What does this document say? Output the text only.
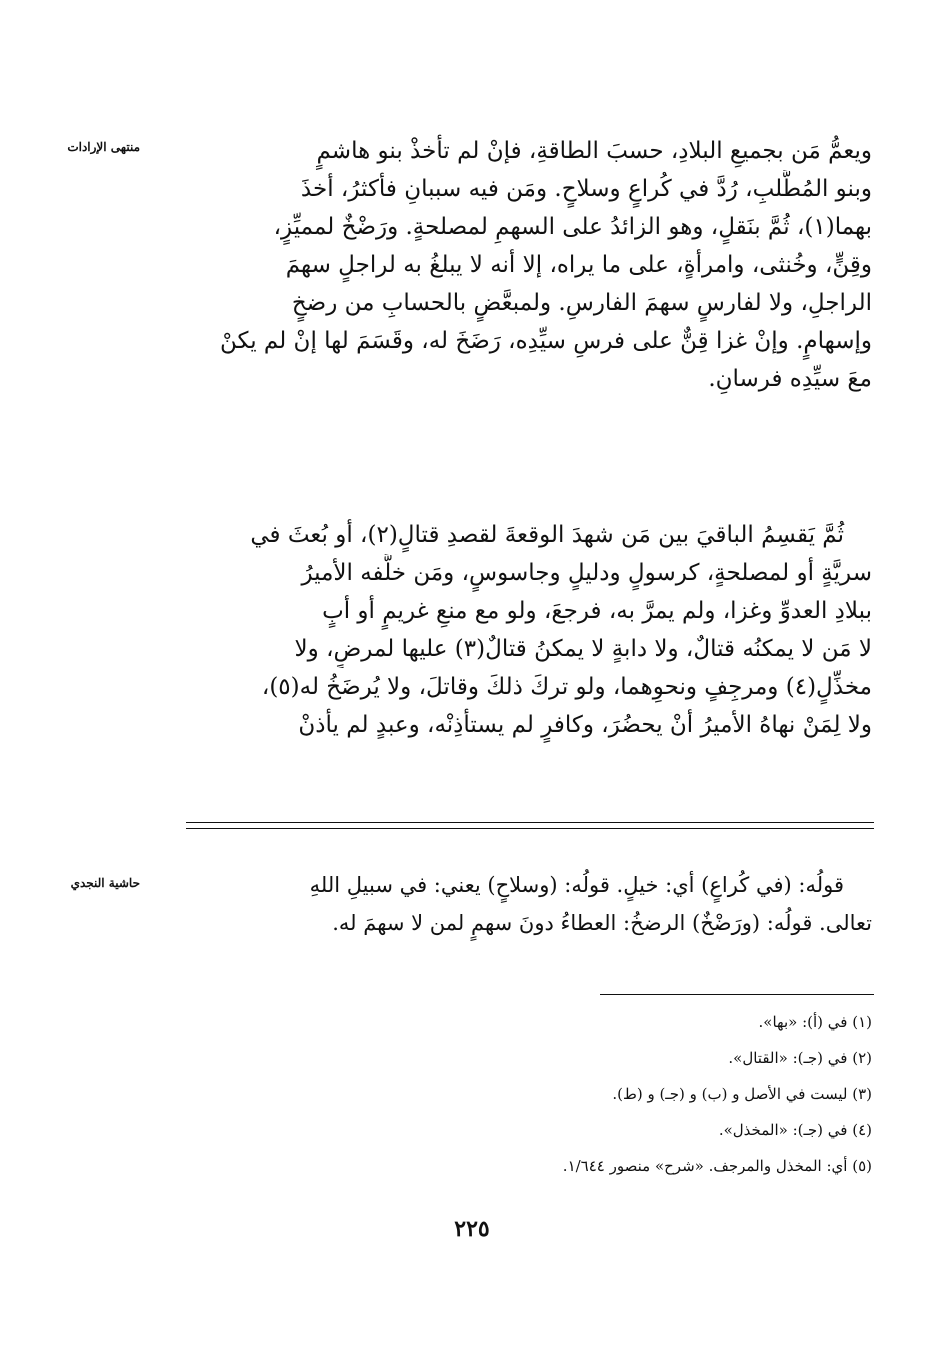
منتهى الإرادات	ويعمُّ مَن بجميعِ البلادِ، حسبَ الطاقةِ، فإنْ لم تأخذْ بنو هاشمٍ
وبنو المُطَّلبِ، رُدَّ في كُراعٍ وسلاحٍ. ومَن فيه سببانِ فأكثرُ، أخذَ
بهما(١)، ثُمَّ بنَقلٍ، وهو الزائدُ على السهمِ لمصلحةٍ. ورَضْخٌ لمميِّزٍ،
وقِنٍّ، وخُنثى، وامرأةٍ، على ما يراه، إلا أنه لا يبلغُ به لراجلٍ سهمَ
الراجلِ، ولا لفارسٍ سهمَ الفارسِ. ولمبعَّضٍ بالحسابِ من رضخٍ
وإسهامٍ. وإنْ غزا قِنٌّ على فرسِ سيِّدِه، رَضَخَ له، وقَسَمَ لها إنْ لم يكنْ
معَ سيِّدِه فرسانِ.
ثُمَّ يَقسِمُ الباقيَ بين مَن شهدَ الوقعةَ لقصدِ قتالٍ(٢)، أو بُعثَ في
سريَّةٍ أو لمصلحةٍ، كرسولٍ ودليلٍ وجاسوسٍ، ومَن خلَّفه الأميرُ
ببلادِ العدوِّ وغزا، ولم يمرَّ به، فرجعَ، ولو مع منعِ غريمٍ أو أبٍ
لا مَن لا يمكنُه قتالٌ، ولا دابةٍ لا يمكنُ قتالٌ(٣) عليها لمرضٍ، ولا
مخذِّلٍ(٤) ومرجِفٍ ونحوِهما، ولو تركَ ذلكَ وقاتلَ، ولا يُرضَخُ له(٥)،
ولا لِمَنْ نهاهُ الأميرُ أنْ يحضُرَ، وكافرٍ لم يستأذِنْه، وعبدٍ لم يأذنْ
حاشية النجدي	قولُه: (في كُراعٍ) أي: خيلٍ. قولُه: (وسلاحٍ) يعني: في سبيلِ اللهِ
تعالى. قولُه: (ورَضْخٌ) الرضخُ: العطاءُ دونَ سهمٍ لمن لا سهمَ له.
(١) في (أ): «بها».
(٢) في (جـ): «القتال».
(٣) ليست في الأصل و (ب) و (جـ) و (ط).
(٤) في (جـ): «المخذل».
(٥) أي: المخذل والمرجف. «شرح» منصور ١/٦٤٤.
٢٢٥
